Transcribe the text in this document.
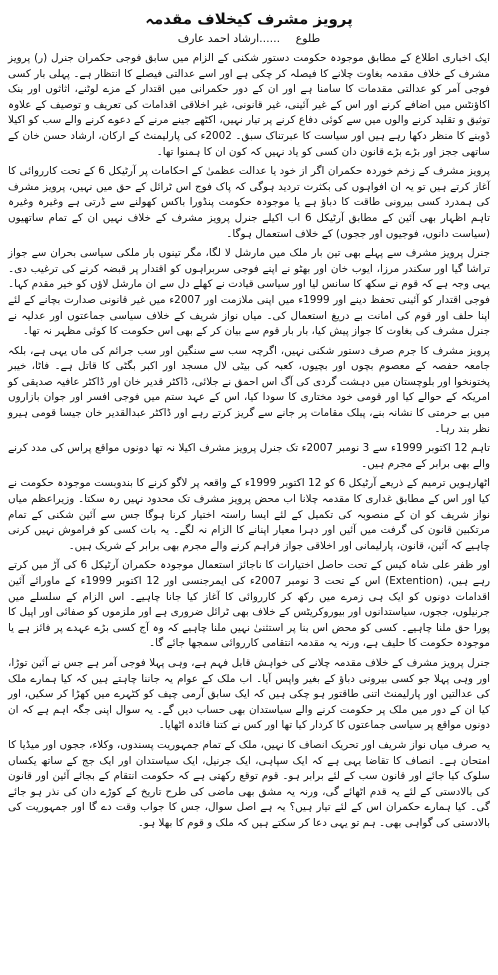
پرویز مشرف کیخلاف مقدمہ
طلوع ......ارشاد احمد عارف

ایک اخباری اطلاع کے مطابق موجودہ حکومت دستور شکنی کے الزام میں سابق فوجی حکمران جنرل (ر) پرویز مشرف کے خلاف مقدمہ بغاوت چلانے کا فیصلہ کر چکی ہے اور اسے عدالتی فیصلے کا انتظار ہے۔ پہلی بار کسی فوجی آمر کو عدالتی مقدمات کا سامنا ہے اور ان کے دور حکمرانی میں اقتدار کے مزے لوٹنے، اثاثوں اور بنک اکاؤنٹس میں اضافے کرنے اور اس کے غیر آئینی، غیر قانونی، غیر اخلاقی اقدامات کی تعریف و توصیف کے علاوہ توثیق و تقلید کرنے والوں میں سے کوئی دفاع کرنے پر تیار نہیں، اکٹھے جینے مرنے کے دعوے کرنے والے سب کو اکیلا ڈوبنے کا منظر دکھا رہے ہیں اور سیاست کا عبرتناک سبق۔ 2002ء کی پارلیمنٹ کے ارکان، ارشاد حسن خان کے ساتھی ججز اور بڑے بڑے قانون دان کسی کو یاد نہیں کہ کون ان کا ہمنوا تھا۔

پرویز مشرف کے زخم خوردہ حکمران اگر از خود یا عدالت عظمیٰ کے احکامات پر آرٹیکل 6 کے تحت کارروائی کا آغاز کرتے ہیں تو یہ ان افواہوں کی بکثرت تردید ہوگی کہ پاک فوج اس ٹرائل کے حق میں نہیں، پرویز مشرف کی ہمدرد کسی بیرونی طاقت کا دباؤ ہے یا موجودہ حکومت پنڈورا باکس کھولنے سے ڈرتی ہے وغیرہ وغیرہ تاہم اظہار بھی آئین کے مطابق آرٹیکل 6 اب اکیلے جنرل پرویز مشرف کے خلاف نہیں ان کے تمام ساتھیوں (سیاست دانوں، فوجیوں اور ججوں) کے خلاف استعمال ہوگا۔

جنرل پرویز مشرف سے پہلے بھی تین بار ملک میں مارشل لا لگا، مگر تینوں بار ملکی سیاسی بحران سے جواز تراشا گیا اور سکندر مرزا، ایوب خان اور بھٹو نے اپنے فوجی سربراہوں کو اقتدار پر قبضہ کرنے کی ترغیب دی۔ یہی وجہ ہے کہ قوم نے سکھ کا سانس لیا اور سیاسی قیادت نے کھلے دل سے ان مارشل لاؤں کو خیر مقدم کہا۔ فوجی اقتدار کو آئینی تحفظ دینے اور 1999ء میں اپنی ملازمت اور 2007ء میں غیر قانونی صدارت بچانے کے لئے اپنا حلف اور قوم کی امانت بے دریغ استعمال کی۔ میاں نواز شریف کے خلاف سیاسی جماعتوں اور عدلیہ نے جنرل مشرف کی بغاوت کا جواز پیش کیا، بار بار قوم سے بیان کر کے بھی اس حکومت کا کوئی مظہر نہ تھا۔

پرویز مشرف کا جرم صرف دستور شکنی نہیں، اگرچہ سب سے سنگین اور سب جرائم کی ماں یہی ہے، بلکہ جامعہ حفصہ کے معصوم بچوں اور بچیوں، کعبہ کی بیٹی لال مسجد اور اکبر بگٹی کا قاتل ہے۔ فاٹا، خیبر پختونخوا اور بلوچستان میں دہشت گردی کی آگ اس احمق نے جلائی، ڈاکٹر قدیر خان اور ڈاکٹر عافیہ صدیقی کو امریکہ کے حوالے کیا اور قومی خود مختاری کا سودا کیا، اس کے عہد ستم میں فوجی افسر اور جوان بازاروں میں بے حرمتی کا نشانہ بنے، پبلک مقامات پر جانے سے گریز کرتے رہے اور ڈاکٹر عبدالقدیر خان جیسا قومی ہیرو نظر بند رہا۔

تاہم 12 اکتوبر 1999ء سے 3 نومبر 2007ء تک جنرل پرویز مشرف اکیلا نہ تھا دونوں مواقع پراس کی مدد کرنے والے بھی برابر کے مجرم ہیں۔

اٹھارہویں ترمیم کے ذریعے آرٹیکل 6 کو 12 اکتوبر 1999ء کے واقعہ پر لاگو کرنے کا بندوبست موجودہ حکومت نے کیا اور اس کے مطابق غداری کا مقدمہ چلانا اب محض پرویز مشرف تک محدود نہیں رہ سکتا۔ وزیراعظم میاں نواز شریف کو ان کے منصوبہ کی تکمیل کے لئے ایسا راستہ اختیار کرنا ہوگا جس سے آئین شکنی کے تمام مرتکبین قانون کی گرفت میں آئیں اور دہرا معیار اپنانے کا الزام نہ لگے۔ یہ بات کسی کو فراموش نہیں کرنی چاہیے کہ آئین، قانون، پارلیمانی اور اخلاقی جواز فراہم کرنے والے مجرم بھی برابر کے شریک ہیں۔

اور ظفر علی شاہ کیس کے تحت حاصل اختیارات کا ناجائز استعمال موجودہ حکمران آرٹیکل 6 کی آڑ میں کرتے رہے ہیں، (Extention) اس کے تحت 3 نومبر 2007ء کی ایمرجنسی اور 12 اکتوبر 1999ء کے ماورائے آئین اقدامات دونوں کو ایک ہی زمرے میں رکھ کر کارروائی کا آغاز کیا جانا چاہیے۔ اس الزام کے سلسلے میں جرنیلوں، ججوں، سیاستدانوں اور بیوروکریٹس کے خلاف بھی ٹرائل ضروری ہے اور ملزموں کو صفائی اور اپیل کا پورا حق ملنا چاہیے۔ کسی کو محض اس بنا پر استثنیٰ نہیں ملنا چاہیے کہ وہ آج کسی بڑے عہدے پر فائز ہے یا موجودہ حکومت کا حلیف ہے، ورنہ یہ مقدمہ انتقامی کارروائی سمجھا جائے گا۔

جنرل پرویز مشرف کے خلاف مقدمہ چلانے کی خواہش قابل فہم ہے، وہی پہلا فوجی آمر ہے جس نے آئین توڑا، اور وہی پہلا جو کسی بیرونی دباؤ کے بغیر واپس آیا۔ اب ملک کے عوام یہ جاننا چاہتے ہیں کہ کیا ہمارے ملک کی عدالتیں اور پارلیمنٹ اتنی طاقتور ہو چکی ہیں کہ ایک سابق آرمی چیف کو کٹہرے میں کھڑا کر سکیں، اور کیا ان کے دور میں ملک پر حکومت کرنے والے سیاستدان بھی حساب دیں گے۔ یہ سوال اپنی جگہ اہم ہے کہ ان دونوں مواقع پر سیاسی جماعتوں کا کردار کیا تھا اور کس نے کتنا فائدہ اٹھایا۔

یہ صرف میاں نواز شریف اور تحریک انصاف کا نہیں، ملک کے تمام جمہوریت پسندوں، وکلاء، ججوں اور میڈیا کا امتحان ہے۔ انصاف کا تقاضا یہی ہے کہ ایک سپاہی، ایک جرنیل، ایک سیاستدان اور ایک جج کے ساتھ یکساں سلوک کیا جائے اور قانون سب کے لئے برابر ہو۔ قوم توقع رکھتی ہے کہ حکومت انتقام کے بجائے آئین اور قانون کی بالادستی کے لئے یہ قدم اٹھائے گی، ورنہ یہ مشق بھی ماضی کی طرح تاریخ کے کوڑے دان کی نذر ہو جائے گی۔ کیا ہمارے حکمران اس کے لئے تیار ہیں؟ یہ ہے اصل سوال، جس کا جواب وقت دے گا اور جمہوریت کی بالادستی کی گواہی بھی۔ ہم تو یہی دعا کر سکتے ہیں کہ ملک و قوم کا بھلا ہو۔
